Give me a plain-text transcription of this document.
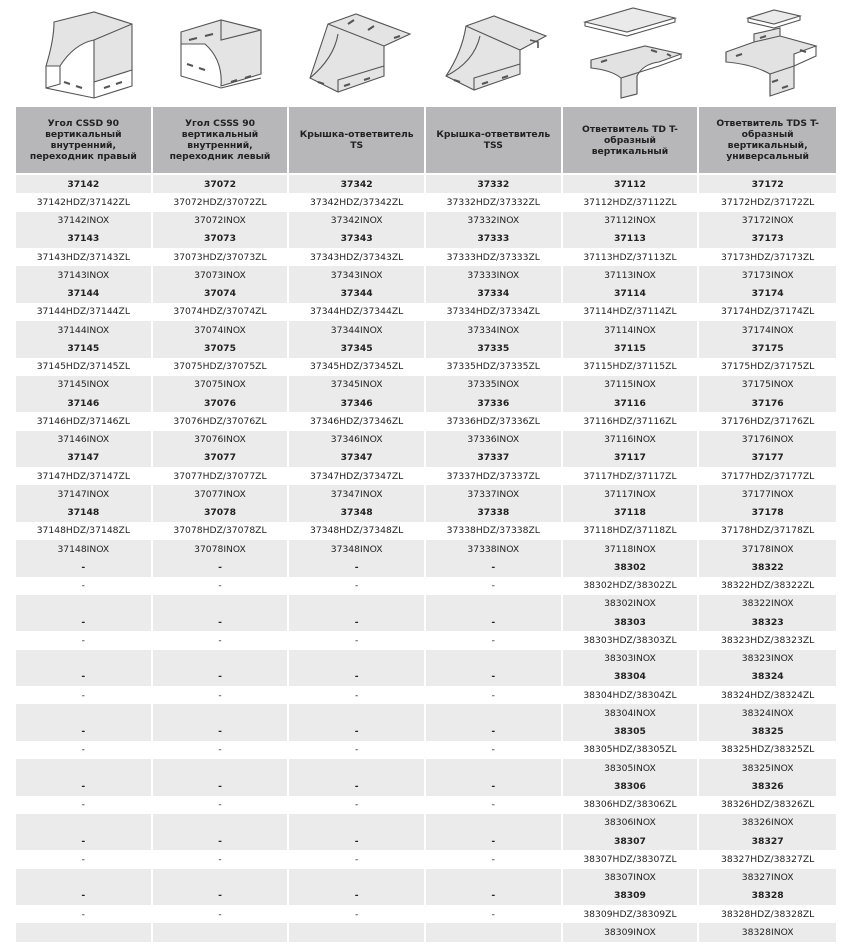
Угол CSSD 90 вертикальный внутренний, переходник правый	Угол CSSS 90 вертикальный внутренний, переходник левый	Крышка-ответвитель TS	Крышка-ответвитель TSS	Ответвитель TD T-образный вертикальный	Ответвитель TDS T-образный вертикальный, универсальный

37142	37072	37342	37332	37112	37172
37142HDZ/37142ZL	37072HDZ/37072ZL	37342HDZ/37342ZL	37332HDZ/37332ZL	37112HDZ/37112ZL	37172HDZ/37172ZL
37142INOX	37072INOX	37342INOX	37332INOX	37112INOX	37172INOX
37143	37073	37343	37333	37113	37173
37143HDZ/37143ZL	37073HDZ/37073ZL	37343HDZ/37343ZL	37333HDZ/37333ZL	37113HDZ/37113ZL	37173HDZ/37173ZL
37143INOX	37073INOX	37343INOX	37333INOX	37113INOX	37173INOX
37144	37074	37344	37334	37114	37174
37144HDZ/37144ZL	37074HDZ/37074ZL	37344HDZ/37344ZL	37334HDZ/37334ZL	37114HDZ/37114ZL	37174HDZ/37174ZL
37144INOX	37074INOX	37344INOX	37334INOX	37114INOX	37174INOX
37145	37075	37345	37335	37115	37175
37145HDZ/37145ZL	37075HDZ/37075ZL	37345HDZ/37345ZL	37335HDZ/37335ZL	37115HDZ/37115ZL	37175HDZ/37175ZL
37145INOX	37075INOX	37345INOX	37335INOX	37115INOX	37175INOX
37146	37076	37346	37336	37116	37176
37146HDZ/37146ZL	37076HDZ/37076ZL	37346HDZ/37346ZL	37336HDZ/37336ZL	37116HDZ/37116ZL	37176HDZ/37176ZL
37146INOX	37076INOX	37346INOX	37336INOX	37116INOX	37176INOX
37147	37077	37347	37337	37117	37177
37147HDZ/37147ZL	37077HDZ/37077ZL	37347HDZ/37347ZL	37337HDZ/37337ZL	37117HDZ/37117ZL	37177HDZ/37177ZL
37147INOX	37077INOX	37347INOX	37337INOX	37117INOX	37177INOX
37148	37078	37348	37338	37118	37178
37148HDZ/37148ZL	37078HDZ/37078ZL	37348HDZ/37348ZL	37338HDZ/37338ZL	37118HDZ/37118ZL	37178HDZ/37178ZL
37148INOX	37078INOX	37348INOX	37338INOX	37118INOX	37178INOX
-	-	-	-	38302	38322
-	-	-	-	38302HDZ/38302ZL	38322HDZ/38322ZL
				38302INOX	38322INOX
-	-	-	-	38303	38323
-	-	-	-	38303HDZ/38303ZL	38323HDZ/38323ZL
				38303INOX	38323INOX
-	-	-	-	38304	38324
-	-	-	-	38304HDZ/38304ZL	38324HDZ/38324ZL
				38304INOX	38324INOX
-	-	-	-	38305	38325
-	-	-	-	38305HDZ/38305ZL	38325HDZ/38325ZL
				38305INOX	38325INOX
-	-	-	-	38306	38326
-	-	-	-	38306HDZ/38306ZL	38326HDZ/38326ZL
				38306INOX	38326INOX
-	-	-	-	38307	38327
-	-	-	-	38307HDZ/38307ZL	38327HDZ/38327ZL
				38307INOX	38327INOX
-	-	-	-	38309	38328
-	-	-	-	38309HDZ/38309ZL	38328HDZ/38328ZL
				38309INOX	38328INOX
